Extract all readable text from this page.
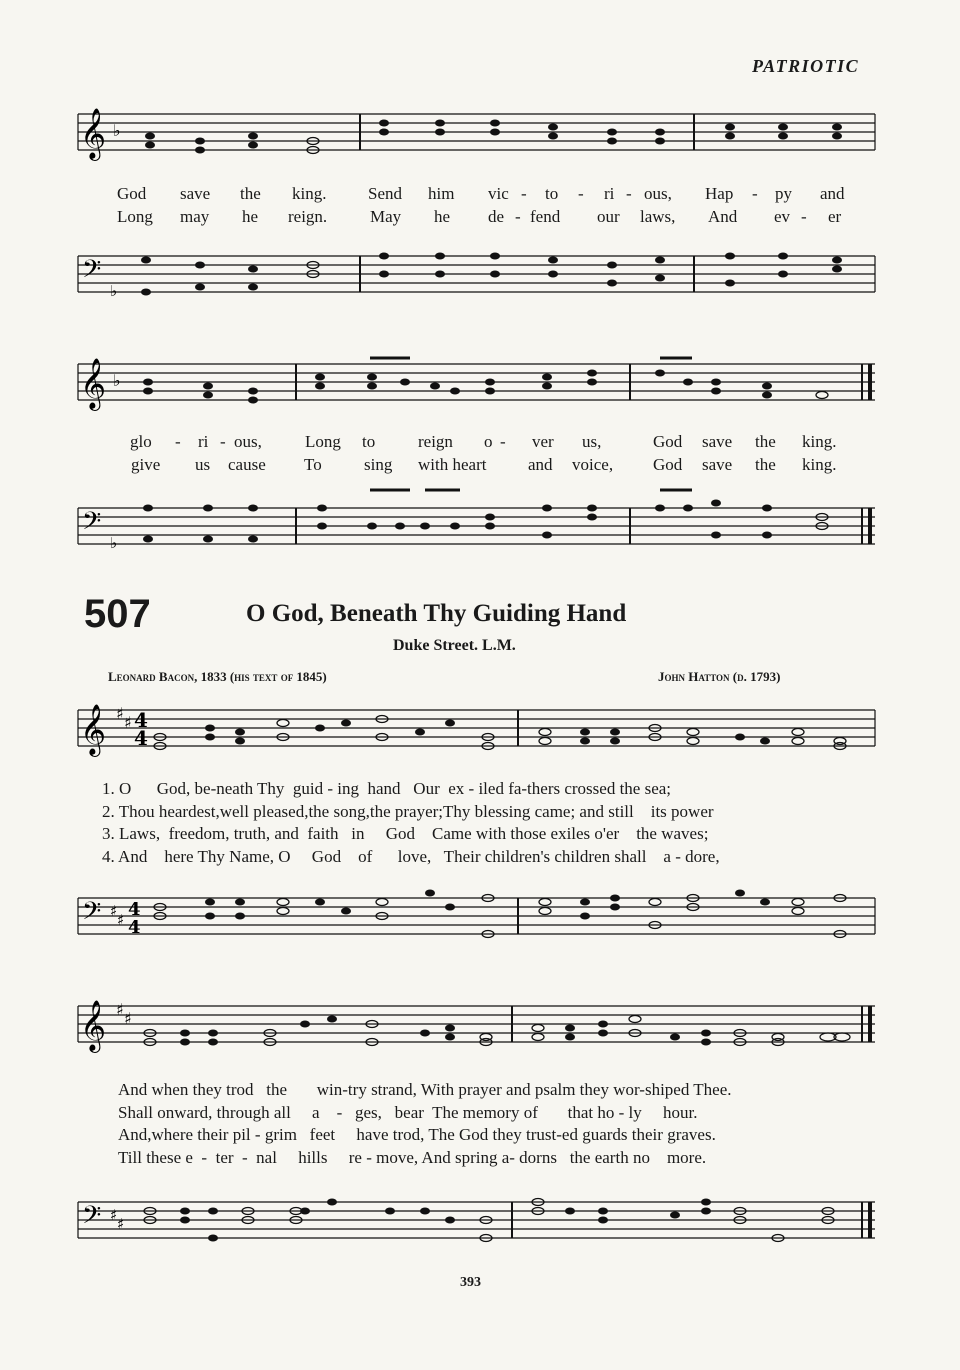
PATRIOTIC
𝄞 ♭
God save the king. Send him vic - to - ri - ous, Hap - py and
Long may he reign.	May he de - fend our laws, And ev - er
𝄢
♭
𝄞 ♭
glo - ri - ous,	Long to	reign o - ver us,	God save the king.
give us cause To sing with heart and voice, God save the king.
𝄢
♭
507	O God, Beneath Thy Guiding Hand
Duke Street. L.M.
Leonard Bacon, 1833 (his text of 1845)	John Hatton (d. 1793)
𝄞 ♯ ♯ 4
4
1. O      God, be-neath Thy  guid - ing  hand   Our  ex - iled fa-thers crossed the sea;
2. Thou heardest,well pleased,the song,the prayer;Thy blessing came; and still    its power
3. Laws,  freedom, truth, and  faith   in     God    Came with those exiles o'er    the waves;
4. And    here Thy Name, O     God    of      love,   Their children's children shall    a - dore,
𝄢 ♯ ♯ 4
4
𝄞 ♯ ♯
And when they trod   the       win-try strand, With prayer and psalm they wor-shiped Thee.
Shall onward, through all     a    -   ges,   bear  The memory of       that ho - ly     hour.
And,where their pil - grim   feet     have trod, The God they trust-ed guards their graves.
Till these e  -  ter  -  nal     hills     re - move, And spring a- dorns   the earth no    more.
𝄢 ♯ ♯
393
